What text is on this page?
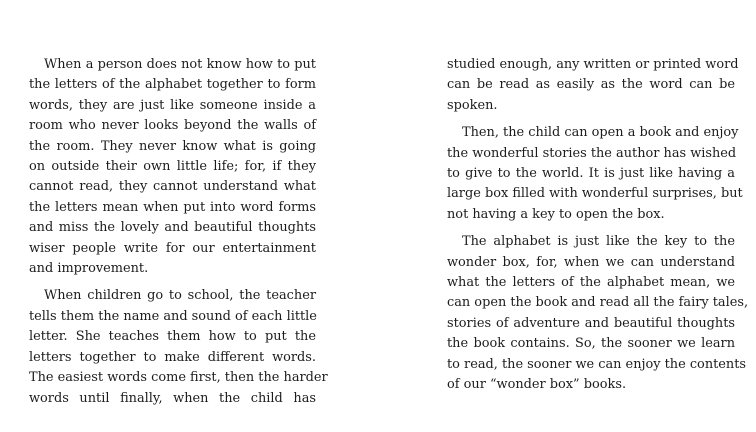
When a person does not know how to put
the letters of the alphabet together to form
words, they are just like someone inside a
room who never looks beyond the walls of
the room. They never know what is going
on outside their own little life; for, if they
cannot read, they cannot understand what
the letters mean when put into word forms
and miss the lovely and beautiful thoughts
wiser people write for our entertainment
and improvement.

When children go to school, the teacher
tells them the name and sound of each little
letter. She teaches them how to put the
letters together to make different words.
The easiest words come first, then the harder
words until finally, when the child has

studied enough, any written or printed word
can be read as easily as the word can be
spoken.

Then, the child can open a book and enjoy
the wonderful stories the author has wished
to give to the world. It is just like having a
large box filled with wonderful surprises, but
not having a key to open the box.

The alphabet is just like the key to the
wonder box, for, when we can understand
what the letters of the alphabet mean, we
can open the book and read all the fairy tales,
stories of adventure and beautiful thoughts
the book contains. So, the sooner we learn
to read, the sooner we can enjoy the contents
of our “wonder box” books.
